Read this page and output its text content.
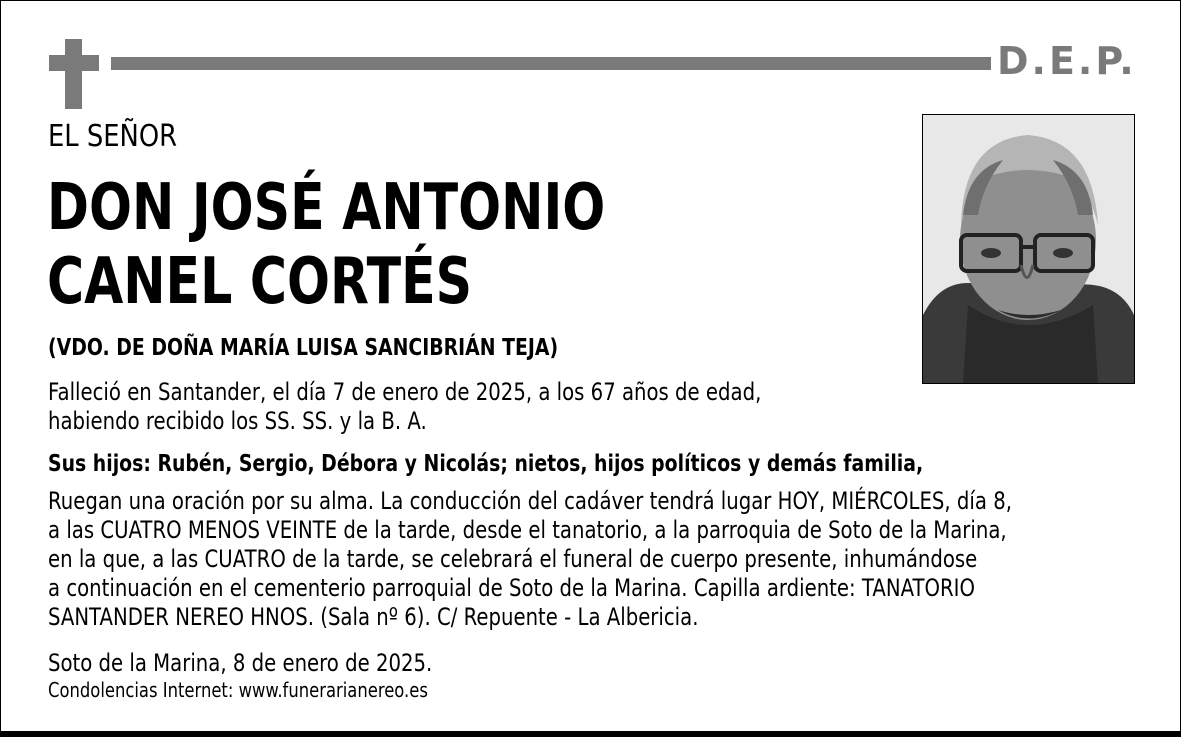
D.E.P.
EL SEÑOR
DON JOSÉ ANTONIO
CANEL CORTÉS
(VDO. DE DOÑA MARÍA LUISA SANCIBRIÁN TEJA)
Falleció en Santander, el día 7 de enero de 2025, a los 67 años de edad,
habiendo recibido los SS. SS. y la B. A.
Sus hijos: Rubén, Sergio, Débora y Nicolás; nietos, hijos políticos y demás familia,
Ruegan una oración por su alma. La conducción del cadáver tendrá lugar HOY, MIÉRCOLES, día 8,
a las CUATRO MENOS VEINTE de la tarde, desde el tanatorio, a la parroquia de Soto de la Marina,
en la que, a las CUATRO de la tarde, se celebrará el funeral de cuerpo presente, inhumándose
a continuación en el cementerio parroquial de Soto de la Marina. Capilla ardiente: TANATORIO
SANTANDER NEREO HNOS. (Sala nº 6). C/ Repuente - La Albericia.
Soto de la Marina, 8 de enero de 2025.
Condolencias Internet: www.funerarianereo.es
